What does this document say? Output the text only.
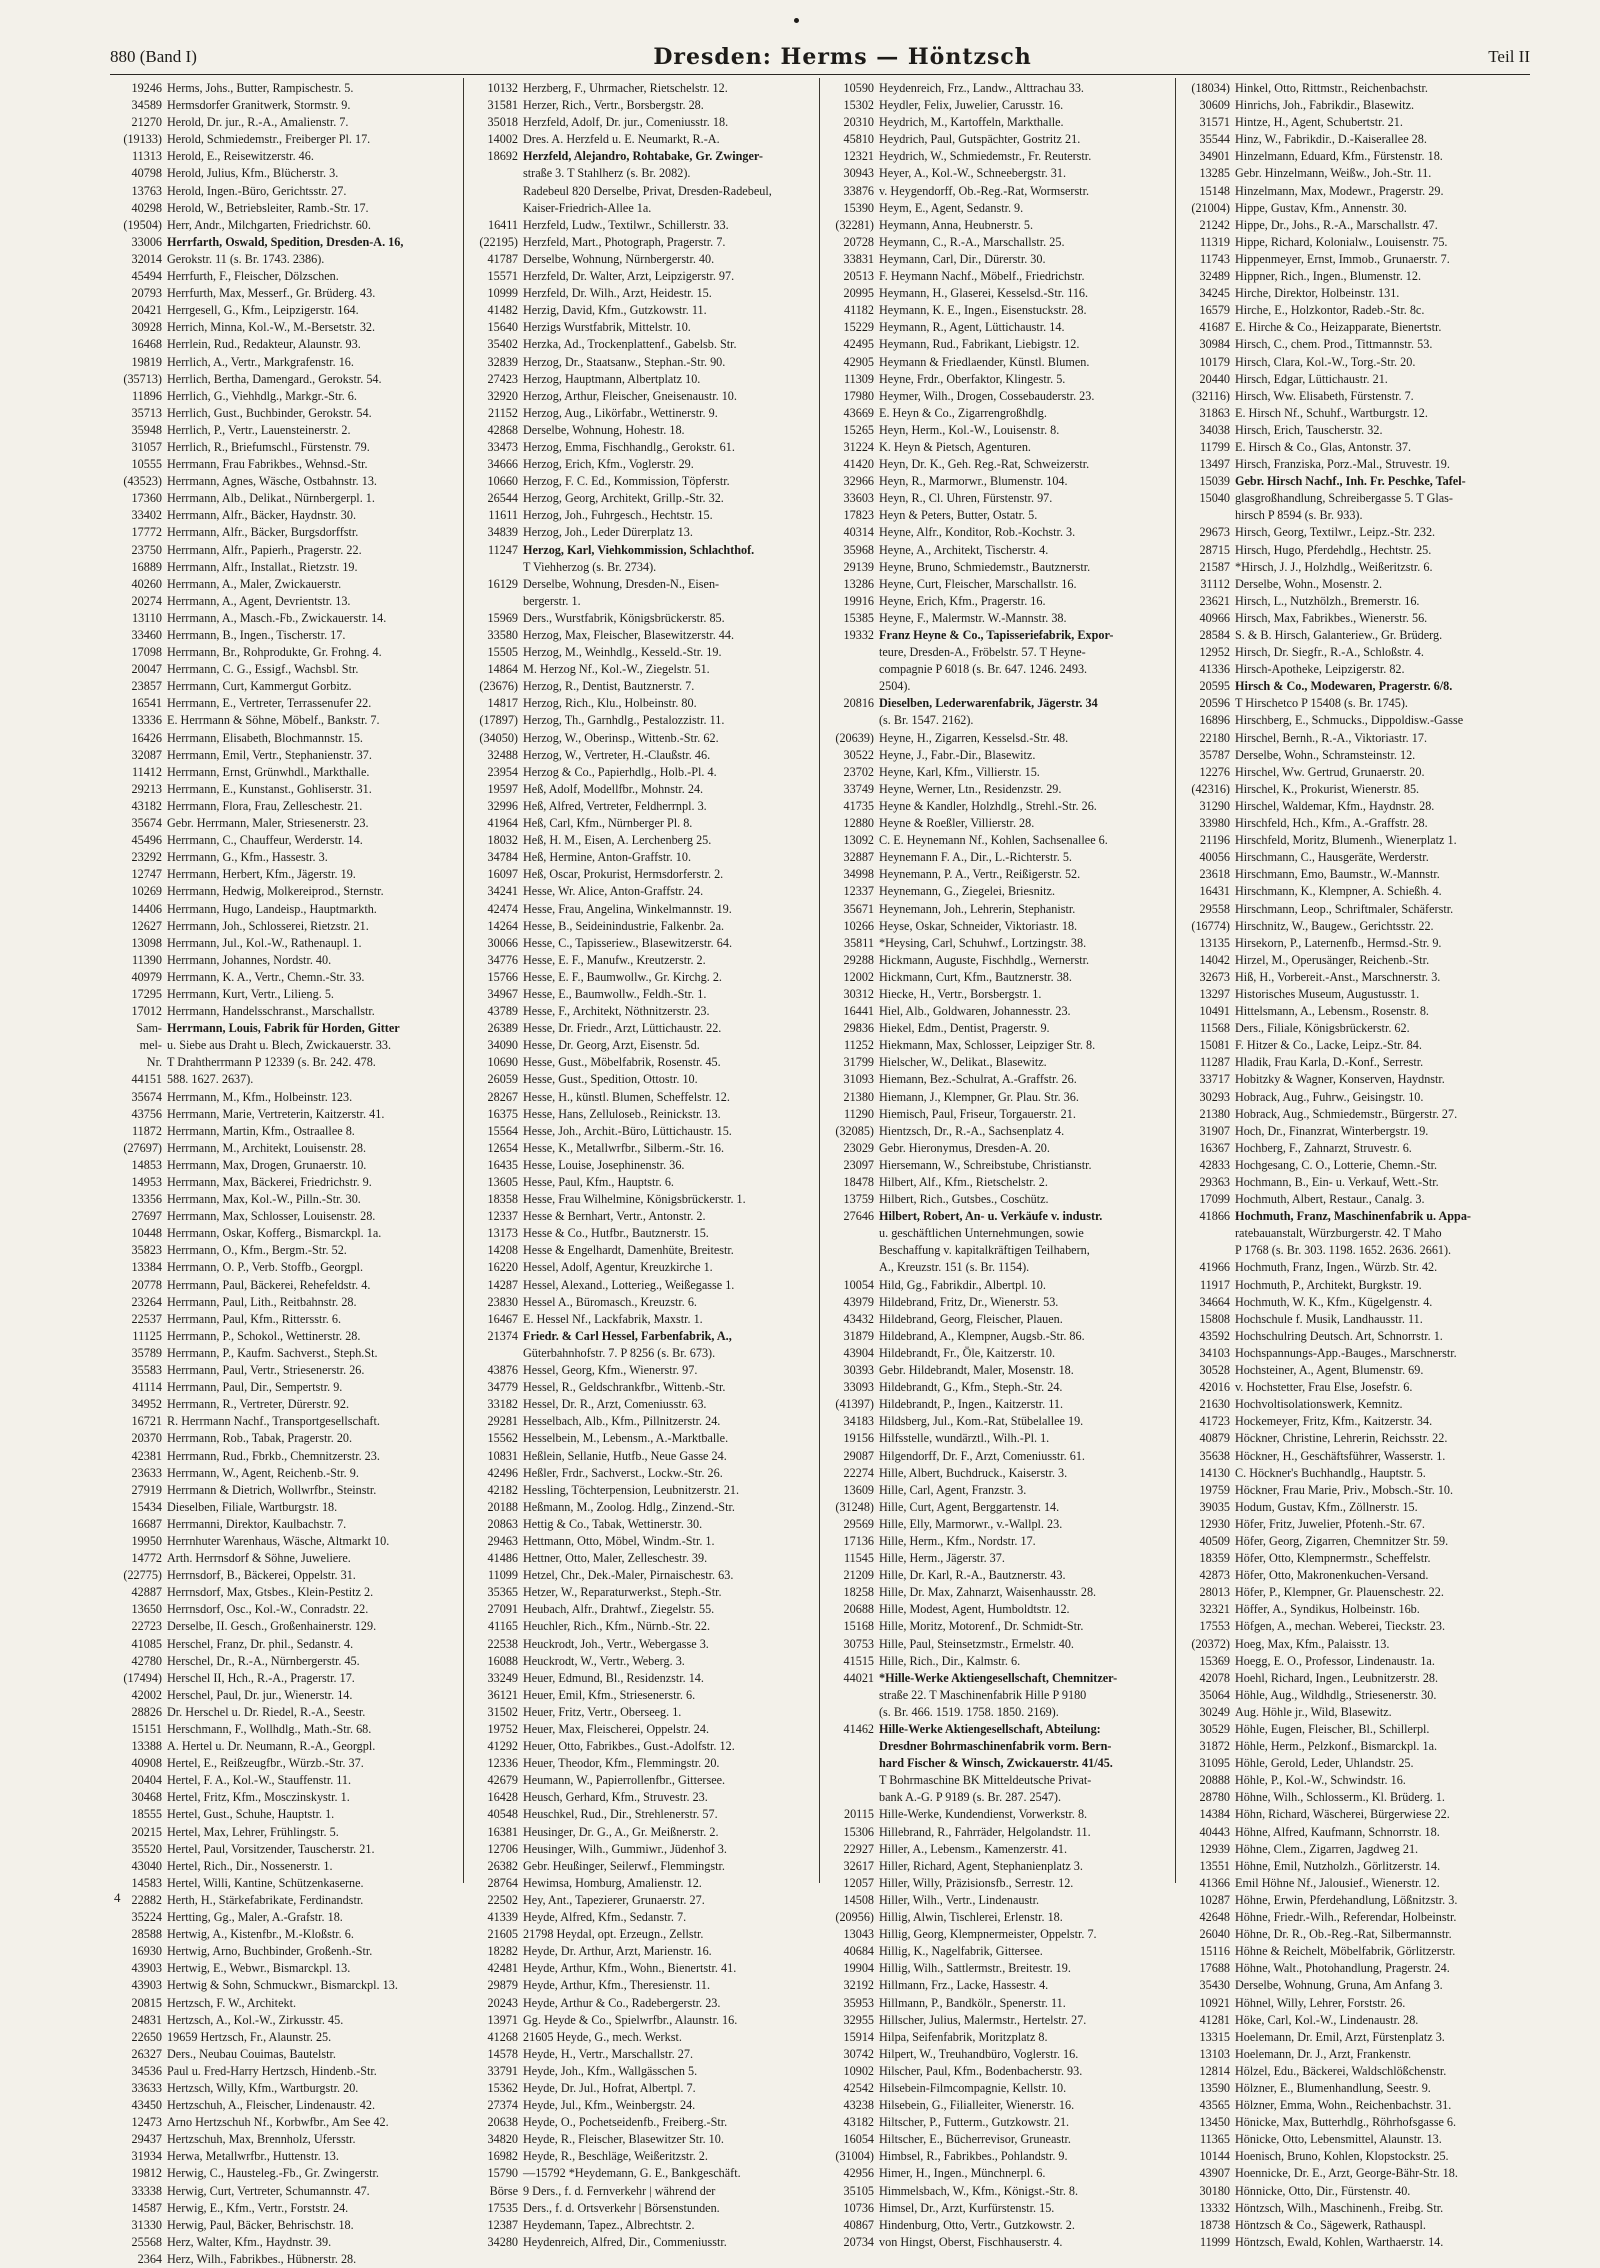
880 (Band I)	Dresden: Herms — Höntzsch	Teil II
19246 Herms, Johs., Butter, Rampischestr. 5.
34589 Hermsdorfer Granitwerk, Stormstr. 9.
21270 Herold, Dr. jur., R.-A., Amalienstr. 7.
(19133) Herold, Schmiedemstr., Freiberger Pl. 17.
11313 Herold, E., Reisewitzerstr. 46.
40798 Herold, Julius, Kfm., Blücherstr. 3.
13763 Herold, Ingen.-Büro, Gerichtsstr. 27.
40298 Herold, W., Betriebsleiter, Ramb.-Str. 17.
(19504) Herr, Andr., Milchgarten, Friedrichstr. 60.
33006 Herrfarth, Oswald, Spedition, Dresden-A. 16,
32014 Gerokstr. 11 (s. Br. 1743. 2386).
45494 Herrfurth, F., Fleischer, Dölzschen.
20793 Herrfurth, Max, Messerf., Gr. Brüderg. 43.
20421 Herrgesell, G., Kfm., Leipzigerstr. 164.
30928 Herrich, Minna, Kol.-W., M.-Bersetstr. 32.
16468 Herrlein, Rud., Redakteur, Alaunstr. 93.
19819 Herrlich, A., Vertr., Markgrafenstr. 16.
(35713) Herrlich, Bertha, Damengard., Gerokstr. 54.
11896 Herrlich, G., Viehhdlg., Markgr.-Str. 6.
35713 Herrlich, Gust., Buchbinder, Gerokstr. 54.
35948 Herrlich, P., Vertr., Lauensteinerstr. 2.
31057 Herrlich, R., Briefumschl., Fürstenstr. 79.
10555 Herrmann, Frau Fabrikbes., Wehnsd.-Str.
(43523) Herrmann, Agnes, Wäsche, Ostbahnstr. 13.
17360 Herrmann, Alb., Delikat., Nürnbergerpl. 1.
33402 Herrmann, Alfr., Bäcker, Haydnstr. 30.
17772 Herrmann, Alfr., Bäcker, Burgsdorffstr.
23750 Herrmann, Alfr., Papierh., Pragerstr. 22.
16889 Herrmann, Alfr., Installat., Rietzstr. 19.
40260 Herrmann, A., Maler, Zwickauerstr.
20274 Herrmann, A., Agent, Devrientstr. 13.
13110 Herrmann, A., Masch.-Fb., Zwickauerstr. 14.
33460 Herrmann, B., Ingen., Tischerstr. 17.
17098 Herrmann, Br., Rohprodukte, Gr. Frohng. 4.
20047 Herrmann, C. G., Essigf., Wachsbl. Str.
23857 Herrmann, Curt, Kammergut Gorbitz.
16541 Herrmann, E., Vertreter, Terrassenufer 22.
13336 E. Herrmann & Söhne, Möbelf., Bankstr. 7.
16426 Herrmann, Elisabeth, Blochmannstr. 15.
32087 Herrmann, Emil, Vertr., Stephanienstr. 37.
11412 Herrmann, Ernst, Grünwhdl., Markthalle.
29213 Herrmann, E., Kunstanst., Gohliserstr. 31.
43182 Herrmann, Flora, Frau, Zelleschestr. 21.
35674 Gebr. Herrmann, Maler, Striesenerstr. 23.
45496 Herrmann, C., Chauffeur, Werderstr. 14.
23292 Herrmann, G., Kfm., Hassestr. 3.
12747 Herrmann, Herbert, Kfm., Jägerstr. 19.
10269 Herrmann, Hedwig, Molkereiprod., Sternstr.
14406 Herrmann, Hugo, Landeisp., Hauptmarkth.
12627 Herrmann, Joh., Schlosserei, Rietzstr. 21.
13098 Herrmann, Jul., Kol.-W., Rathenaupl. 1.
11390 Herrmann, Johannes, Nordstr. 40.
40979 Herrmann, K. A., Vertr., Chemn.-Str. 33.
17295 Herrmann, Kurt, Vertr., Lilieng. 5.
17012 Herrmann, Handelsschranst., Marschallstr.
Sam- Herrmann, Louis, Fabrik für Horden, Gitter
mel- u. Siebe aus Draht u. Blech, Zwickauerstr. 33.
Nr. T Drahtherrmann P 12339 (s. Br. 242. 478.
44151 588. 1627. 2637).
35674 Herrmann, M., Kfm., Holbeinstr. 123.
43756 Herrmann, Marie, Vertreterin, Kaitzerstr. 41.
11872 Herrmann, Martin, Kfm., Ostraallee 8.
(27697) Herrmann, M., Architekt, Louisenstr. 28.
14853 Herrmann, Max, Drogen, Grunaerstr. 10.
14953 Herrmann, Max, Bäckerei, Friedrichstr. 9.
13356 Herrmann, Max, Kol.-W., Pilln.-Str. 30.
27697 Herrmann, Max, Schlosser, Louisenstr. 28.
10448 Herrmann, Oskar, Kofferg., Bismarckpl. 1a.
35823 Herrmann, O., Kfm., Bergm.-Str. 52.
13384 Herrmann, O. P., Verb. Stoffb., Georgpl.
20778 Herrmann, Paul, Bäckerei, Rehefeldstr. 4.
23264 Herrmann, Paul, Lith., Reitbahnstr. 28.
22537 Herrmann, Paul, Kfm., Rittersstr. 6.
11125 Herrmann, P., Schokol., Wettinerstr. 28.
35789 Herrmann, P., Kaufm. Sachverst., Steph.St.
35583 Herrmann, Paul, Vertr., Striesenerstr. 26.
41114 Herrmann, Paul, Dir., Sempertstr. 9.
34952 Herrmann, R., Vertreter, Dürerstr. 92.
16721 R. Herrmann Nachf., Transportgesellschaft.
20370 Herrmann, Rob., Tabak, Pragerstr. 20.
42381 Herrmann, Rud., Fbrkb., Chemnitzerstr. 23.
23633 Herrmann, W., Agent, Reichenb.-Str. 9.
27919 Herrmann & Dietrich, Wollwrfbr., Steinstr.
15434 Dieselben, Filiale, Wartburgstr. 18.
16687 Herrmanni, Direktor, Kaulbachstr. 7.
19950 Herrnhuter Warenhaus, Wäsche, Altmarkt 10.
14772 Arth. Herrnsdorf & Söhne, Juweliere.
(22775) Herrnsdorf, B., Bäckerei, Oppelstr. 31.
42887 Herrnsdorf, Max, Gtsbes., Klein-Pestitz 2.
13650 Herrnsdorf, Osc., Kol.-W., Conradstr. 22.
22723 Derselbe, II. Gesch., Großenhainerstr. 129.
41085 Herschel, Franz, Dr. phil., Sedanstr. 4.
42780 Herschel, Dr., R.-A., Nürnbergerstr. 45.
(17494) Herschel II, Hch., R.-A., Pragerstr. 17.
42002 Herschel, Paul, Dr. jur., Wienerstr. 14.
28826 Dr. Herschel u. Dr. Riedel, R.-A., Seestr.
15151 Herschmann, F., Wollhdlg., Math.-Str. 68.
13388 A. Hertel u. Dr. Neumann, R.-A., Georgpl.
40908 Hertel, E., Reißzeugfbr., Würzb.-Str. 37.
20404 Hertel, F. A., Kol.-W., Stauffenstr. 11.
30468 Hertel, Fritz, Kfm., Mosczinskystr. 1.
18555 Hertel, Gust., Schuhe, Hauptstr. 1.
20215 Hertel, Max, Lehrer, Frühlingstr. 5.
35520 Hertel, Paul, Vorsitzender, Tauscherstr. 21.
43040 Hertel, Rich., Dir., Nossenerstr. 1.
14583 Hertel, Willi, Kantine, Schützenkaserne.
22882 Herth, H., Stärkefabrikate, Ferdinandstr.
35224 Hertting, Gg., Maler, A.-Grafstr. 18.
28588 Hertwig, A., Kistenfbr., M.-Kloßstr. 6.
16930 Hertwig, Arno, Buchbinder, Großenh.-Str.
43903 Hertwig, E., Webwr., Bismarckpl. 13.
43903 Hertwig & Sohn, Schmuckwr., Bismarckpl. 13.
20815 Hertzsch, F. W., Architekt.
24831 Hertzsch, A., Kol.-W., Zirkusstr. 45.
22650 19659 Hertzsch, Fr., Alaunstr. 25.
26327 Ders., Neubau Couimas, Bautelstr.
34536 Paul u. Fred-Harry Hertzsch, Hindenb.-Str.
33633 Hertzsch, Willy, Kfm., Wartburgstr. 20.
43450 Hertzschuh, A., Fleischer, Lindenaustr. 42.
12473 Arno Hertzschuh Nf., Korbwfbr., Am See 42.
29437 Hertzschuh, Max, Brennholz, Ufersstr.
31934 Herwa, Metallwrfbr., Huttenstr. 13.
19812 Herwig, C., Hausteleg.-Fb., Gr. Zwingerstr.
33338 Herwig, Curt, Vertreter, Schumannstr. 47.
14587 Herwig, E., Kfm., Vertr., Forststr. 24.
31330 Herwig, Paul, Bäcker, Behrischstr. 18.
25568 Herz, Walter, Kfm., Haydnstr. 39.
2364 Herz, Wilh., Fabrikbes., Hübnerstr. 28.
10132 Herzberg, F., Uhrmacher, Rietschelstr. 12.
31581 Herzer, Rich., Vertr., Borsbergstr. 28.
35018 Herzfeld, Adolf, Dr. jur., Comeniusstr. 18.
14002 Dres. A. Herzfeld u. E. Neumarkt, R.-A.
18692 Herzfeld, Alejandro, Rohtabake, Gr. Zwinger-
straße 3. T Stahlherz (s. Br. 2082).
Radebeul 820 Derselbe, Privat, Dresden-Radebeul,
Kaiser-Friedrich-Allee 1a.
16411 Herzfeld, Ludw., Textilwr., Schillerstr. 33.
(22195) Herzfeld, Mart., Photograph, Pragerstr. 7.
41787 Derselbe, Wohnung, Nürnbergerstr. 40.
15571 Herzfeld, Dr. Walter, Arzt, Leipzigerstr. 97.
10999 Herzfeld, Dr. Wilh., Arzt, Heidestr. 15.
41482 Herzig, David, Kfm., Gutzkowstr. 11.
15640 Herzigs Wurstfabrik, Mittelstr. 10.
35402 Herzka, Ad., Trockenplattenf., Gabelsb. Str.
32839 Herzog, Dr., Staatsanw., Stephan.-Str. 90.
27423 Herzog, Hauptmann, Albertplatz 10.
32920 Herzog, Arthur, Fleischer, Gneisenaustr. 10.
21152 Herzog, Aug., Likörfabr., Wettinerstr. 9.
42868 Derselbe, Wohnung, Hohestr. 18.
33473 Herzog, Emma, Fischhandlg., Gerokstr. 61.
34666 Herzog, Erich, Kfm., Voglerstr. 29.
10660 Herzog, F. C. Ed., Kommission, Töpferstr.
26544 Herzog, Georg, Architekt, Grillp.-Str. 32.
11611 Herzog, Joh., Fuhrgesch., Hechtstr. 15.
34839 Herzog, Joh., Leder Dürerplatz 13.
11247 Herzog, Karl, Viehkommission, Schlachthof.
T Viehherzog (s. Br. 2734).
16129 Derselbe, Wohnung, Dresden-N., Eisen-
bergerstr. 1.
15969 Ders., Wurstfabrik, Königsbrückerstr. 85.
33580 Herzog, Max, Fleischer, Blasewitzerstr. 44.
15505 Herzog, M., Weinhdlg., Kesseld.-Str. 19.
14864 M. Herzog Nf., Kol.-W., Ziegelstr. 51.
(23676) Herzog, R., Dentist, Bautznerstr. 7.
14817 Herzog, Rich., Klu., Holbeinstr. 80.
(17897) Herzog, Th., Garnhdlg., Pestalozzistr. 11.
(34050) Herzog, W., Oberinsp., Wittenb.-Str. 62.
32488 Herzog, W., Vertreter, H.-Claußstr. 46.
23954 Herzog & Co., Papierhdlg., Holb.-Pl. 4.
19597 Heß, Adolf, Modellfbr., Mohnstr. 24.
32996 Heß, Alfred, Vertreter, Feldherrnpl. 3.
41964 Heß, Carl, Kfm., Nürnberger Pl. 8.
18032 Heß, H. M., Eisen, A. Lerchenberg 25.
34784 Heß, Hermine, Anton-Graffstr. 10.
16097 Heß, Oscar, Prokurist, Hermsdorferstr. 2.
34241 Hesse, Wr. Alice, Anton-Graffstr. 24.
42474 Hesse, Frau, Angelina, Winkelmannstr. 19.
14264 Hesse, B., Seideinindustrie, Falkenbr. 2a.
30066 Hesse, C., Tapisseriew., Blasewitzerstr. 64.
34776 Hesse, E. F., Manufw., Kreutzerstr. 2.
15766 Hesse, E. F., Baumwollw., Gr. Kirchg. 2.
34967 Hesse, E., Baumwollw., Feldh.-Str. 1.
43789 Hesse, F., Architekt, Nöthnitzerstr. 23.
26389 Hesse, Dr. Friedr., Arzt, Lüttichaustr. 22.
34090 Hesse, Dr. Georg, Arzt, Eisenstr. 5d.
10690 Hesse, Gust., Möbelfabrik, Rosenstr. 45.
26059 Hesse, Gust., Spedition, Ottostr. 10.
28267 Hesse, H., künstl. Blumen, Scheffelstr. 12.
16375 Hesse, Hans, Zelluloseb., Reinickstr. 13.
15564 Hesse, Joh., Archit.-Büro, Lüttichaustr. 15.
12654 Hesse, K., Metallwrfbr., Silberm.-Str. 16.
16435 Hesse, Louise, Josephinenstr. 36.
13605 Hesse, Paul, Kfm., Hauptstr. 6.
18358 Hesse, Frau Wilhelmine, Königsbrückerstr. 1.
12337 Hesse & Bernhart, Vertr., Antonstr. 2.
13173 Hesse & Co., Hutfbr., Bautznerstr. 15.
14208 Hesse & Engelhardt, Damenhüte, Breitestr.
16220 Hessel, Adolf, Agentur, Kreuzkirche 1.
14287 Hessel, Alexand., Lotterieg., Weißegasse 1.
23830 Hessel A., Büromasch., Kreuzstr. 6.
16467 E. Hessel Nf., Lackfabrik, Maxstr. 1.
21374 Friedr. & Carl Hessel, Farbenfabrik, A.,
Güterbahnhofstr. 7. P 8256 (s. Br. 673).
43876 Hessel, Georg, Kfm., Wienerstr. 97.
34779 Hessel, R., Geldschrankfbr., Wittenb.-Str.
33182 Hessel, Dr. R., Arzt, Comeniusstr. 63.
29281 Hesselbach, Alb., Kfm., Pillnitzerstr. 24.
15562 Hesselbein, M., Lebensm., A.-Marktballe.
10831 Heßlein, Sellanie, Hutfb., Neue Gasse 24.
42496 Heßler, Frdr., Sachverst., Lockw.-Str. 26.
42182 Hessling, Töchterpension, Leubnitzerstr. 21.
20188 Heßmann, M., Zoolog. Hdlg., Zinzend.-Str.
20863 Hettig & Co., Tabak, Wettinerstr. 30.
29463 Hettmann, Otto, Möbel, Windm.-Str. 1.
41486 Hettner, Otto, Maler, Zelleschestr. 39.
11099 Hetzel, Chr., Dek.-Maler, Pirnaischestr. 63.
35365 Hetzer, W., Reparaturwerkst., Steph.-Str.
27091 Heubach, Alfr., Drahtwf., Ziegelstr. 55.
41165 Heuchler, Rich., Kfm., Nürnb.-Str. 22.
22538 Heuckrodt, Joh., Vertr., Webergasse 3.
16088 Heuckrodt, W., Vertr., Weberg. 3.
33249 Heuer, Edmund, Bl., Residenzstr. 14.
36121 Heuer, Emil, Kfm., Striesenerstr. 6.
31502 Heuer, Fritz, Vertr., Oberseeg. 1.
19752 Heuer, Max, Fleischerei, Oppelstr. 24.
41292 Heuer, Otto, Fabrikbes., Gust.-Adolfstr. 12.
12336 Heuer, Theodor, Kfm., Flemmingstr. 20.
42679 Heumann, W., Papierrollenfbr., Gittersee.
16428 Heusch, Gerhard, Kfm., Struvestr. 23.
40548 Heuschkel, Rud., Dir., Strehlenerstr. 57.
16381 Heusinger, Dr. G., A., Gr. Meißnerstr. 2.
12706 Heusinger, Wilh., Gummiwr., Jüdenhof 3.
26382 Gebr. Heußinger, Seilerwf., Flemmingstr.
28764 Hewimsa, Homburg, Amalienstr. 12.
22502 Hey, Ant., Tapezierer, Grunaerstr. 27.
41339 Heyde, Alfred, Kfm., Sedanstr. 7.
21605 21798 Heydal, opt. Erzeugn., Zellstr.
18282 Heyde, Dr. Arthur, Arzt, Marienstr. 16.
42481 Heyde, Arthur, Kfm., Wohn., Bienertstr. 41.
29879 Heyde, Arthur, Kfm., Theresienstr. 11.
20243 Heyde, Arthur & Co., Radebergerstr. 23.
13971 Gg. Heyde & Co., Spielwrfbr., Alaunstr. 16.
41268 21605 Heyde, G., mech. Werkst.
14578 Heyde, H., Vertr., Marschallstr. 27.
33791 Heyde, Joh., Kfm., Wallgässchen 5.
15362 Heyde, Dr. Jul., Hofrat, Albertpl. 7.
27374 Heyde, Jul., Kfm., Weinbergstr. 24.
20638 Heyde, O., Pochetseidenfb., Freiberg.-Str.
34820 Heyde, R., Fleischer, Blasewitzer Str. 10.
16982 Heyde, R., Beschläge, Weißeritzstr. 2.
15790 —15792 *Heydemann, G. E., Bankgeschäft.
Börse 9 Ders., f. d. Fernverkehr | während der
17535 Ders., f. d. Ortsverkehr | Börsenstunden.
12387 Heydemann, Tapez., Albrechtstr. 2.
34280 Heydenreich, Alfred, Dir., Commeniusstr.
10590 Heydenreich, Frz., Landw., Alttrachau 33.
15302 Heydler, Felix, Juwelier, Carusstr. 16.
20310 Heydrich, M., Kartoffeln, Markthalle.
45810 Heydrich, Paul, Gutspächter, Gostritz 21.
12321 Heydrich, W., Schmiedemstr., Fr. Reuterstr.
30943 Heyer, A., Kol.-W., Schneebergstr. 31.
33876 v. Heygendorff, Ob.-Reg.-Rat, Wormserstr.
15390 Heym, E., Agent, Sedanstr. 9.
(32281) Heymann, Anna, Heubnerstr. 5.
20728 Heymann, C., R.-A., Marschallstr. 25.
33831 Heymann, Carl, Dir., Dürerstr. 30.
20513 F. Heymann Nachf., Möbelf., Friedrichstr.
20995 Heymann, H., Glaserei, Kesselsd.-Str. 116.
41182 Heymann, K. E., Ingen., Eisenstuckstr. 28.
15229 Heymann, R., Agent, Lüttichaustr. 14.
42495 Heymann, Rud., Fabrikant, Liebigstr. 12.
42905 Heymann & Friedlaender, Künstl. Blumen.
11309 Heyne, Frdr., Oberfaktor, Klingestr. 5.
17980 Heymer, Wilh., Drogen, Cossebauderstr. 23.
43669 E. Heyn & Co., Zigarrengroßhdlg.
15265 Heyn, Herm., Kol.-W., Louisenstr. 8.
31224 K. Heyn & Pietsch, Agenturen.
41420 Heyn, Dr. K., Geh. Reg.-Rat, Schweizerstr.
32966 Heyn, R., Marmorwr., Blumenstr. 104.
33603 Heyn, R., Cl. Uhren, Fürstenstr. 97.
17823 Heyn & Peters, Butter, Ostatr. 5.
40314 Heyne, Alfr., Konditor, Rob.-Kochstr. 3.
35968 Heyne, A., Architekt, Tischerstr. 4.
29139 Heyne, Bruno, Schmiedemstr., Bautznerstr.
13286 Heyne, Curt, Fleischer, Marschallstr. 16.
19916 Heyne, Erich, Kfm., Pragerstr. 16.
15385 Heyne, F., Malermstr. W.-Mannstr. 38.
19332 Franz Heyne & Co., Tapisseriefabrik, Expor-
teure, Dresden-A., Fröbelstr. 57. T Heyne-
compagnie P 6018 (s. Br. 647. 1246. 2493.
2504).
20816 Dieselben, Lederwarenfabrik, Jägerstr. 34
(s. Br. 1547. 2162).
(20639) Heyne, H., Zigarren, Kesselsd.-Str. 48.
30522 Heyne, J., Fabr.-Dir., Blasewitz.
23702 Heyne, Karl, Kfm., Villierstr. 15.
33749 Heyne, Werner, Ltn., Residenzstr. 29.
41735 Heyne & Kandler, Holzhdlg., Strehl.-Str. 26.
12880 Heyne & Roeßler, Villierstr. 28.
13092 C. E. Heynemann Nf., Kohlen, Sachsenallee 6.
32887 Heynemann F. A., Dir., L.-Richterstr. 5.
34998 Heynemann, P. A., Vertr., Reißigerstr. 52.
12337 Heynemann, G., Ziegelei, Briesnitz.
35671 Heynemann, Joh., Lehrerin, Stephanistr.
10266 Heyse, Oskar, Schneider, Viktoriastr. 18.
35811 *Heysing, Carl, Schuhwf., Lortzingstr. 38.
29288 Hickmann, Auguste, Fischhdlg., Wernerstr.
12002 Hickmann, Curt, Kfm., Bautznerstr. 38.
30312 Hiecke, H., Vertr., Borsbergstr. 1.
16441 Hiel, Alb., Goldwaren, Johannesstr. 23.
29836 Hiekel, Edm., Dentist, Pragerstr. 9.
11252 Hiekmann, Max, Schlosser, Leipziger Str. 8.
31799 Hielscher, W., Delikat., Blasewitz.
31093 Hiemann, Bez.-Schulrat, A.-Graffstr. 26.
21380 Hiemann, J., Klempner, Gr. Plau. Str. 36.
11290 Hiemisch, Paul, Friseur, Torgauerstr. 21.
(32085) Hientzsch, Dr., R.-A., Sachsenplatz 4.
23029 Gebr. Hieronymus, Dresden-A. 20.
23097 Hiersemann, W., Schreibstube, Christianstr.
18478 Hilbert, Alf., Kfm., Rietschelstr. 2.
13759 Hilbert, Rich., Gutsbes., Coschütz.
27646 Hilbert, Robert, An- u. Verkäufe v. industr.
u. geschäftlichen Unternehmungen, sowie
Beschaffung v. kapitalkräftigen Teilhabern,
A., Kreuzstr. 151 (s. Br. 1154).
10054 Hild, Gg., Fabrikdir., Albertpl. 10.
43979 Hildebrand, Fritz, Dr., Wienerstr. 53.
43432 Hildebrand, Georg, Fleischer, Plauen.
31879 Hildebrand, A., Klempner, Augsb.-Str. 86.
43904 Hildebrandt, Fr., Öle, Kaitzerstr. 10.
30393 Gebr. Hildebrandt, Maler, Mosenstr. 18.
33093 Hildebrandt, G., Kfm., Steph.-Str. 24.
(41397) Hildebrandt, P., Ingen., Kaitzerstr. 11.
34183 Hildsberg, Jul., Kom.-Rat, Stübelallee 19.
19156 Hilfsstelle, wundärztl., Wilh.-Pl. 1.
29087 Hilgendorff, Dr. F., Arzt, Comeniusstr. 61.
22274 Hille, Albert, Buchdruck., Kaiserstr. 3.
13609 Hille, Carl, Agent, Franzstr. 3.
(31248) Hille, Curt, Agent, Berggartenstr. 14.
29569 Hille, Elly, Marmorwr., v.-Wallpl. 23.
17136 Hille, Herm., Kfm., Nordstr. 17.
11545 Hille, Herm., Jägerstr. 37.
21209 Hille, Dr. Karl, R.-A., Bautznerstr. 43.
18258 Hille, Dr. Max, Zahnarzt, Waisenhausstr. 28.
20688 Hille, Modest, Agent, Humboldtstr. 12.
15168 Hille, Moritz, Motorenf., Dr. Schmidt-Str.
30753 Hille, Paul, Steinsetzmstr., Ermelstr. 40.
41515 Hille, Rich., Dir., Kalmstr. 6.
44021 *Hille-Werke Aktiengesellschaft, Chemnitzer-
straße 22. T Maschinenfabrik Hille P 9180
(s. Br. 466. 1519. 1758. 1850. 2169).
41462 Hille-Werke Aktiengesellschaft, Abteilung:
Dresdner Bohrmaschinenfabrik vorm. Bern-
hard Fischer & Winsch, Zwickauerstr. 41/45.
T Bohrmaschine BK Mitteldeutsche Privat-
bank A.-G. P 9189 (s. Br. 287. 2547).
20115 Hille-Werke, Kundendienst, Vorwerkstr. 8.
15306 Hillebrand, R., Fahrräder, Helgolandstr. 11.
22927 Hiller, A., Lebensm., Kamenzerstr. 41.
32617 Hiller, Richard, Agent, Stephanienplatz 3.
12057 Hiller, Willy, Präzisionsfb., Serrestr. 12.
14508 Hiller, Wilh., Vertr., Lindenaustr.
(20956) Hillig, Alwin, Tischlerei, Erlenstr. 18.
13043 Hillig, Georg, Klempnermeister, Oppelstr. 7.
40684 Hillig, K., Nagelfabrik, Gittersee.
19904 Hillig, Wilh., Sattlermstr., Breitestr. 19.
32192 Hillmann, Frz., Lacke, Hassestr. 4.
35953 Hillmann, P., Bandkölr., Spenerstr. 11.
32955 Hillscher, Julius, Malermstr., Hertelstr. 27.
15914 Hilpa, Seifenfabrik, Moritzplatz 8.
30742 Hilpert, W., Treuhandbüro, Voglerstr. 16.
10902 Hilscher, Paul, Kfm., Bodenbacherstr. 93.
42542 Hilsebein-Filmcompagnie, Kellstr. 10.
43238 Hilsebein, G., Filialleiter, Wienerstr. 16.
43182 Hiltscher, P., Futterm., Gutzkowstr. 21.
16054 Hiltscher, E., Bücherrevisor, Gruneastr.
(31004) Himbsel, R., Fabrikbes., Pohlandstr. 9.
42956 Himer, H., Ingen., Münchnerpl. 6.
35105 Himmelsbach, W., Kfm., Königst.-Str. 8.
10736 Himsel, Dr., Arzt, Kurfürstenstr. 15.
40867 Hindenburg, Otto, Vertr., Gutzkowstr. 2.
20734 von Hingst, Oberst, Fischhauserstr. 4.
(18034) Hinkel, Otto, Rittmstr., Reichenbachstr.
30609 Hinrichs, Joh., Fabrikdir., Blasewitz.
31571 Hintze, H., Agent, Schubertstr. 21.
35544 Hinz, W., Fabrikdir., D.-Kaiserallee 28.
34901 Hinzelmann, Eduard, Kfm., Fürstenstr. 18.
13285 Gebr. Hinzelmann, Weißw., Joh.-Str. 11.
15148 Hinzelmann, Max, Modewr., Pragerstr. 29.
(21004) Hippe, Gustav, Kfm., Annenstr. 30.
21242 Hippe, Dr., Johs., R.-A., Marschallstr. 47.
11319 Hippe, Richard, Kolonialw., Louisenstr. 75.
11743 Hippenmeyer, Ernst, Immob., Grunaerstr. 7.
32489 Hippner, Rich., Ingen., Blumenstr. 12.
34245 Hirche, Direktor, Holbeinstr. 131.
16579 Hirche, E., Holzkontor, Radeb.-Str. 8c.
41687 E. Hirche & Co., Heizapparate, Bienertstr.
30984 Hirsch, C., chem. Prod., Tittmannstr. 53.
10179 Hirsch, Clara, Kol.-W., Torg.-Str. 20.
20440 Hirsch, Edgar, Lüttichaustr. 21.
(32116) Hirsch, Ww. Elisabeth, Fürstenstr. 7.
31863 E. Hirsch Nf., Schuhf., Wartburgstr. 12.
34038 Hirsch, Erich, Tauscherstr. 32.
11799 E. Hirsch & Co., Glas, Antonstr. 37.
13497 Hirsch, Franziska, Porz.-Mal., Struvestr. 19.
15039 Gebr. Hirsch Nachf., Inh. Fr. Peschke, Tafel-
15040 glasgroßhandlung, Schreibergasse 5. T Glas-
hirsch P 8594 (s. Br. 933).
29673 Hirsch, Georg, Textilwr., Leipz.-Str. 232.
28715 Hirsch, Hugo, Pferdehdlg., Hechtstr. 25.
21587 *Hirsch, J. J., Holzhdlg., Weißeritzstr. 6.
31112 Derselbe, Wohn., Mosenstr. 2.
23621 Hirsch, L., Nutzhölzh., Bremerstr. 16.
40966 Hirsch, Max, Fabrikbes., Wienerstr. 56.
28584 S. & B. Hirsch, Galanteriew., Gr. Brüderg.
12952 Hirsch, Dr. Siegfr., R.-A., Schloßstr. 4.
41336 Hirsch-Apotheke, Leipzigerstr. 82.
20595 Hirsch & Co., Modewaren, Pragerstr. 6/8.
20596 T Hirschetco P 15408 (s. Br. 1745).
16896 Hirschberg, E., Schmucks., Dippoldisw.-Gasse
22180 Hirschel, Bernh., R.-A., Viktoriastr. 17.
35787 Derselbe, Wohn., Schramsteinstr. 12.
12276 Hirschel, Ww. Gertrud, Grunaerstr. 20.
(42316) Hirschel, K., Prokurist, Wienerstr. 85.
31290 Hirschel, Waldemar, Kfm., Haydnstr. 28.
33980 Hirschfeld, Hch., Kfm., A.-Graffstr. 28.
21196 Hirschfeld, Moritz, Blumenh., Wienerplatz 1.
40056 Hirschmann, C., Hausgeräte, Werderstr.
23618 Hirschmann, Emo, Baumstr., W.-Mannstr.
16431 Hirschmann, K., Klempner, A. Schießh. 4.
29558 Hirschmann, Leop., Schriftmaler, Schäferstr.
(16774) Hirschnitz, W., Baugew., Gerichtsstr. 22.
13135 Hirsekorn, P., Laternenfb., Hermsd.-Str. 9.
14042 Hirzel, M., Operusänger, Reichenb.-Str.
32673 Hiß, H., Vorbereit.-Anst., Marschnerstr. 3.
13297 Historisches Museum, Augustusstr. 1.
10491 Hittelsmann, A., Lebensm., Rosenstr. 8.
11568 Ders., Filiale, Königsbrückerstr. 62.
15081 F. Hitzer & Co., Lacke, Leipz.-Str. 84.
11287 Hladik, Frau Karla, D.-Konf., Serrestr.
33717 Hobitzky & Wagner, Konserven, Haydnstr.
30293 Hobrack, Aug., Fuhrw., Geisingstr. 10.
21380 Hobrack, Aug., Schmiedemstr., Bürgerstr. 27.
31907 Hoch, Dr., Finanzrat, Winterbergstr. 19.
16367 Hochberg, F., Zahnarzt, Struvestr. 6.
42833 Hochgesang, C. O., Lotterie, Chemn.-Str.
29363 Hochmann, B., Ein- u. Verkauf, Wett.-Str.
17099 Hochmuth, Albert, Restaur., Canalg. 3.
41866 Hochmuth, Franz, Maschinenfabrik u. Appa-
ratebauanstalt, Würzburgerstr. 42. T Maho
P 1768 (s. Br. 303. 1198. 1652. 2636. 2661).
41966 Hochmuth, Franz, Ingen., Würzb. Str. 42.
11917 Hochmuth, P., Architekt, Burgkstr. 19.
34664 Hochmuth, W. K., Kfm., Kügelgenstr. 4.
15808 Hochschule f. Musik, Landhausstr. 11.
43592 Hochschulring Deutsch. Art, Schnorrstr. 1.
34103 Hochspannungs-App.-Bauges., Marschnerstr.
30528 Hochsteiner, A., Agent, Blumenstr. 69.
42016 v. Hochstetter, Frau Else, Josefstr. 6.
21630 Hochvoltisolationswerk, Kemnitz.
41723 Hockemeyer, Fritz, Kfm., Kaitzerstr. 34.
40879 Höckner, Christine, Lehrerin, Reichsstr. 22.
35638 Höckner, H., Geschäftsführer, Wasserstr. 1.
14130 C. Höckner's Buchhandlg., Hauptstr. 5.
19759 Höckner, Frau Marie, Priv., Mobsch.-Str. 10.
39035 Hodum, Gustav, Kfm., Zöllnerstr. 15.
12930 Höfer, Fritz, Juwelier, Pfotenh.-Str. 67.
40509 Höfer, Georg, Zigarren, Chemnitzer Str. 59.
18359 Höfer, Otto, Klempnermstr., Scheffelstr.
42873 Höfer, Otto, Makronenkuchen-Versand.
28013 Höfer, P., Klempner, Gr. Plauenschestr. 22.
32321 Höffer, A., Syndikus, Holbeinstr. 16b.
17553 Höfgen, A., mechan. Weberei, Tieckstr. 23.
(20372) Hoeg, Max, Kfm., Palaisstr. 13.
15369 Hoegg, E. O., Professor, Lindenaustr. 1a.
42078 Hoehl, Richard, Ingen., Leubnitzerstr. 28.
35064 Höhle, Aug., Wildhdlg., Striesenerstr. 30.
30249 Aug. Höhle jr., Wild, Blasewitz.
30529 Höhle, Eugen, Fleischer, Bl., Schillerpl.
31872 Höhle, Herm., Pelzkonf., Bismarckpl. 1a.
31095 Höhle, Gerold, Leder, Uhlandstr. 25.
20888 Höhle, P., Kol.-W., Schwindstr. 16.
28780 Höhne, Wilh., Schlosserm., Kl. Brüderg. 1.
14384 Höhn, Richard, Wäscherei, Bürgerwiese 22.
40443 Höhne, Alfred, Kaufmann, Schnorrstr. 18.
12939 Höhne, Clem., Zigarren, Jagdweg 21.
13551 Höhne, Emil, Nutzholzh., Görlitzerstr. 14.
41366 Emil Höhne Nf., Jalousief., Wienerstr. 12.
10287 Höhne, Erwin, Pferdehandlung, Lößnitzstr. 3.
42648 Höhne, Friedr.-Wilh., Referendar, Holbeinstr.
26040 Höhne, Dr. R., Ob.-Reg.-Rat, Silbermannstr.
15116 Höhne & Reichelt, Möbelfabrik, Görlitzerstr.
17688 Höhne, Walt., Photohandlung, Pragerstr. 24.
35430 Derselbe, Wohnung, Gruna, Am Anfang 3.
10921 Höhnel, Willy, Lehrer, Forststr. 26.
41281 Höke, Carl, Kol.-W., Lindenaustr. 28.
13315 Hoelemann, Dr. Emil, Arzt, Fürstenplatz 3.
13103 Hoelemann, Dr. J., Arzt, Frankenstr.
12814 Hölzel, Edu., Bäckerei, Waldschlößchenstr.
13590 Hölzner, E., Blumenhandlung, Seestr. 9.
43565 Hölzner, Emma, Wohn., Reichenbachstr. 31.
13450 Hönicke, Max, Butterhdlg., Röhrhofsgasse 6.
11365 Hönicke, Otto, Lebensmittel, Alaunstr. 13.
10144 Hoenisch, Bruno, Kohlen, Klopstockstr. 25.
43907 Hoennicke, Dr. E., Arzt, George-Bähr-Str. 18.
30180 Hönnicke, Otto, Dir., Fürstenstr. 40.
13332 Höntzsch, Wilh., Maschinenh., Freibg. Str.
18738 Höntzsch & Co., Sägewerk, Rathauspl.
11999 Höntzsch, Ewald, Kohlen, Warthaerstr. 14.
4
